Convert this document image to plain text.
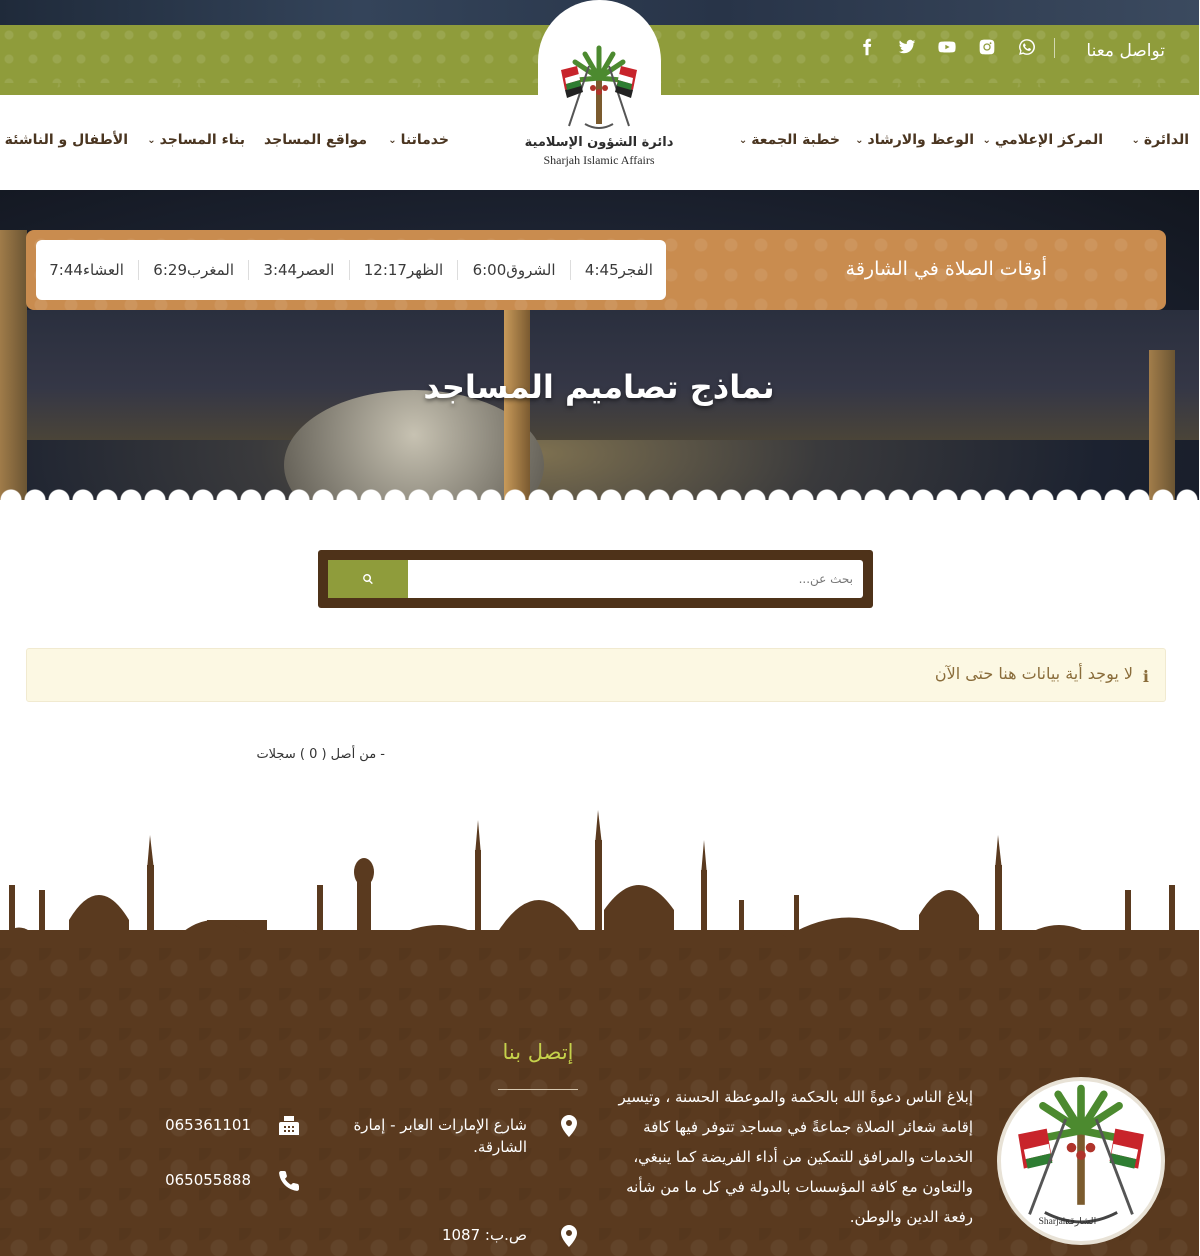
تواصل معنا
دائرة الشؤون الإسلامية
Sharjah Islamic Affairs
الدائرة
⌄
المركز الإعلامي
⌄
الوعظ والارشاد
⌄
خطبة الجمعة
⌄
خدماتنا
⌄
مواقع المساجد
بناء المساجد
⌄
الأطفال و الناشئة
نماذج تصاميم المساجد
أوقات الصلاة في الشارقة
الفجر
4:45
الشروق
6:00
الظهر
12:17
العصر
3:44
المغرب
6:29
العشاء
7:44
بحث عن...
ℹ
لا يوجد أية بيانات هنا حتى الآن
- من أصل ( 0 ) سجلات
Sharjah
الشارقة

إبلاغ الناس دعوةً الله بالحكمة والموعظة الحسنة ، وتيسير إقامة شعائر الصلاة جماعةً في مساجد تتوفر فيها كافة الخدمات والمرافق للتمكين من أداء الفريضة كما ينبغي، والتعاون مع كافة المؤسسات بالدولة في كل ما من شأنه رفعة الدين والوطن.

إتصل بنا
شارع الإمارات العابر - إمارة الشارقة.
065361101
065055888
ص.ب: 1087
